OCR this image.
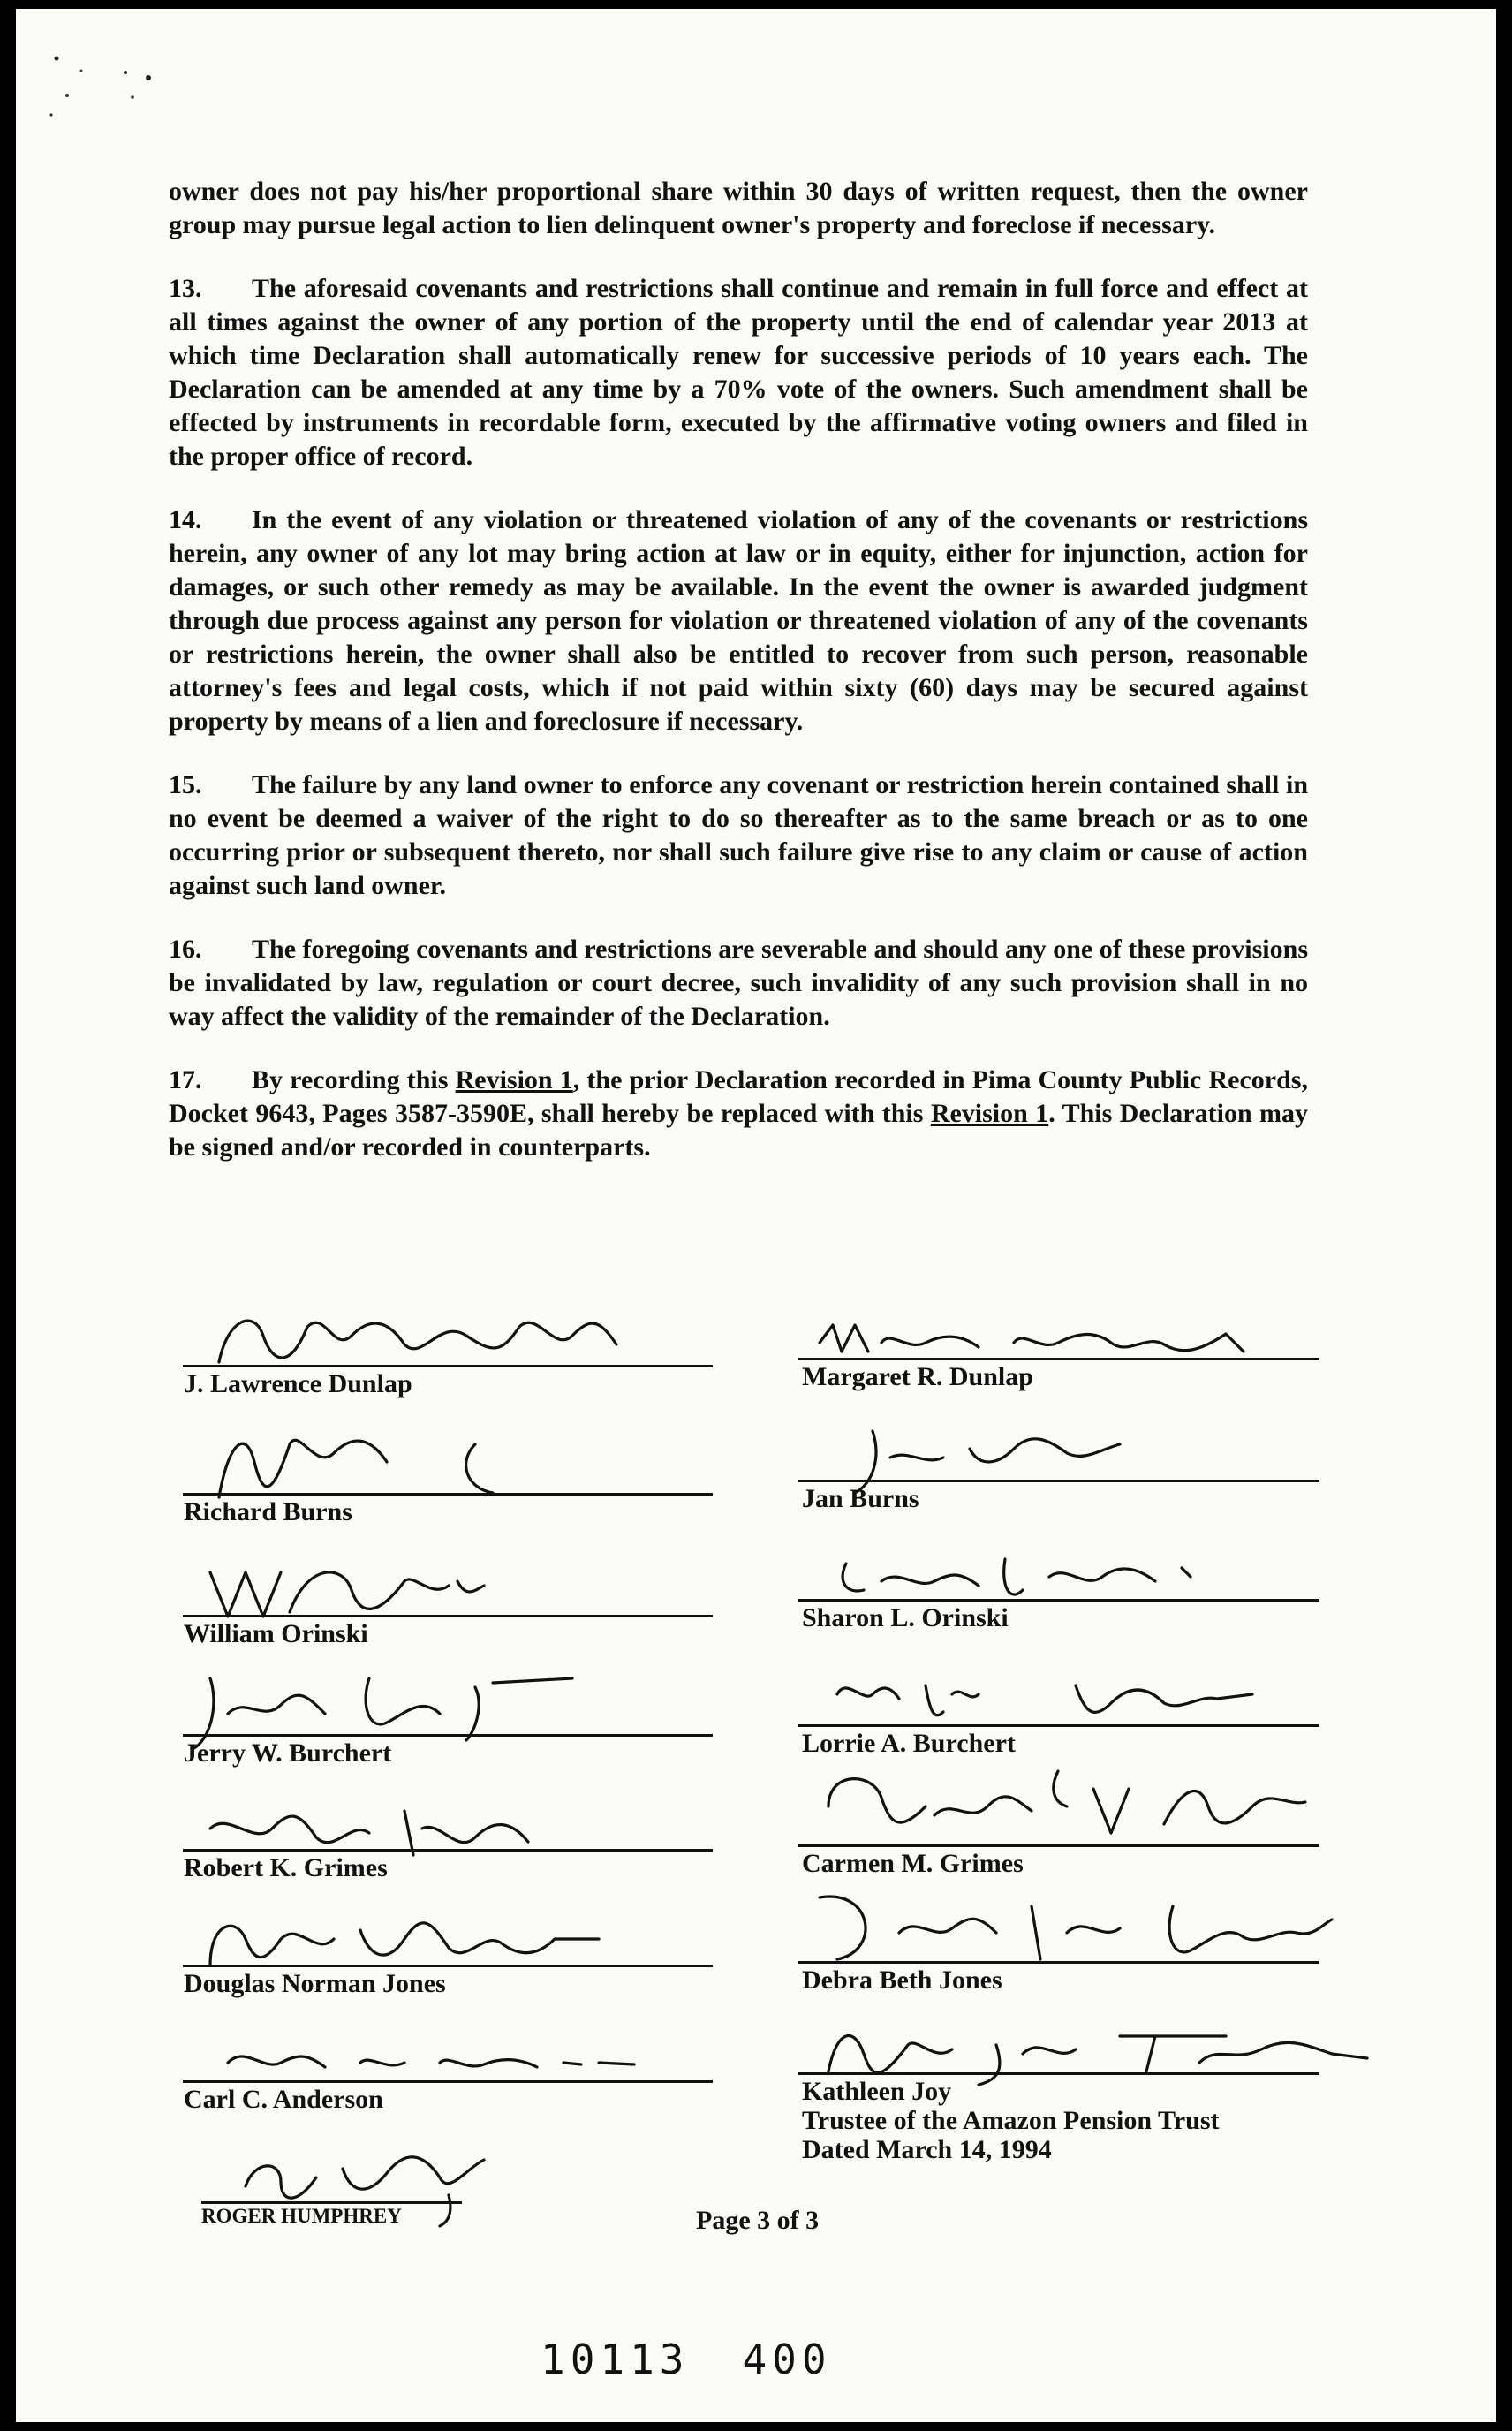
owner does not pay his/her proportional share within 30 days of written request, then the owner group may pursue legal action to lien delinquent owner's property and foreclose if necessary.

13. The aforesaid covenants and restrictions shall continue and remain in full force and effect at all times against the owner of any portion of the property until the end of calendar year 2013 at which time Declaration shall automatically renew for successive periods of 10 years each. The Declaration can be amended at any time by a 70% vote of the owners. Such amendment shall be effected by instruments in recordable form, executed by the affirmative voting owners and filed in the proper office of record.

14. In the event of any violation or threatened violation of any of the covenants or restrictions herein, any owner of any lot may bring action at law or in equity, either for injunction, action for damages, or such other remedy as may be available. In the event the owner is awarded judgment through due process against any person for violation or threatened violation of any of the covenants or restrictions herein, the owner shall also be entitled to recover from such person, reasonable attorney's fees and legal costs, which if not paid within sixty (60) days may be secured against property by means of a lien and foreclosure if necessary.

15. The failure by any land owner to enforce any covenant or restriction herein contained shall in no event be deemed a waiver of the right to do so thereafter as to the same breach or as to one occurring prior or subsequent thereto, nor shall such failure give rise to any claim or cause of action against such land owner.

16. The foregoing covenants and restrictions are severable and should any one of these provisions be invalidated by law, regulation or court decree, such invalidity of any such provision shall in no way affect the validity of the remainder of the Declaration.

17. By recording this Revision 1, the prior Declaration recorded in Pima County Public Records, Docket 9643, Pages 3587-3590E, shall hereby be replaced with this Revision 1. This Declaration may be signed and/or recorded in counterparts.

J. Lawrence Dunlap
Richard Burns
William Orinski
Jerry W. Burchert
Robert K. Grimes
Douglas Norman Jones
Carl C. Anderson
ROGER HUMPHREY
Margaret R. Dunlap
Jan Burns
Sharon L. Orinski
Lorrie A. Burchert
Carmen M. Grimes
Debra Beth Jones
Kathleen Joy
Trustee of the Amazon Pension Trust
Dated March 14, 1994
Page 3 of 3
10113 400
